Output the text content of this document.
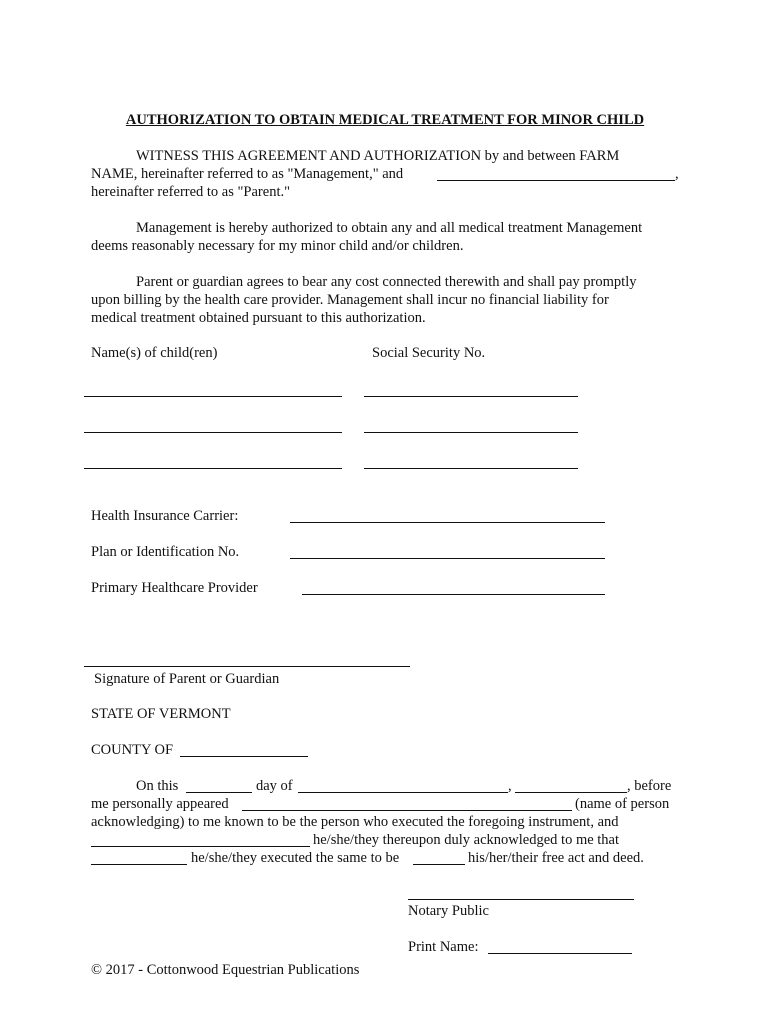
AUTHORIZATION TO OBTAIN MEDICAL TREATMENT FOR MINOR CHILD
WITNESS THIS AGREEMENT AND AUTHORIZATION by and between FARM
NAME, hereinafter referred to as "Management," and	,
hereinafter referred to as "Parent."
Management is hereby authorized to obtain any and all medical treatment Management
deems reasonably necessary for my minor child and/or children.
Parent or guardian agrees to bear any cost connected therewith and shall pay promptly
upon billing by the health care provider. Management shall incur no financial liability for
medical treatment obtained pursuant to this authorization.
Name(s) of child(ren)	Social Security No.
Health Insurance Carrier:
Plan or Identification No.
Primary Healthcare Provider
Signature of Parent or Guardian
STATE OF VERMONT
COUNTY OF
On this	day of	,	, before
me personally appeared	(name of person
acknowledging) to me known to be the person who executed the foregoing instrument, and
he/she/they thereupon duly acknowledged to me that
he/she/they executed the same to be	his/her/their free act and deed.
Notary Public
Print Name:
© 2017 - Cottonwood Equestrian Publications
